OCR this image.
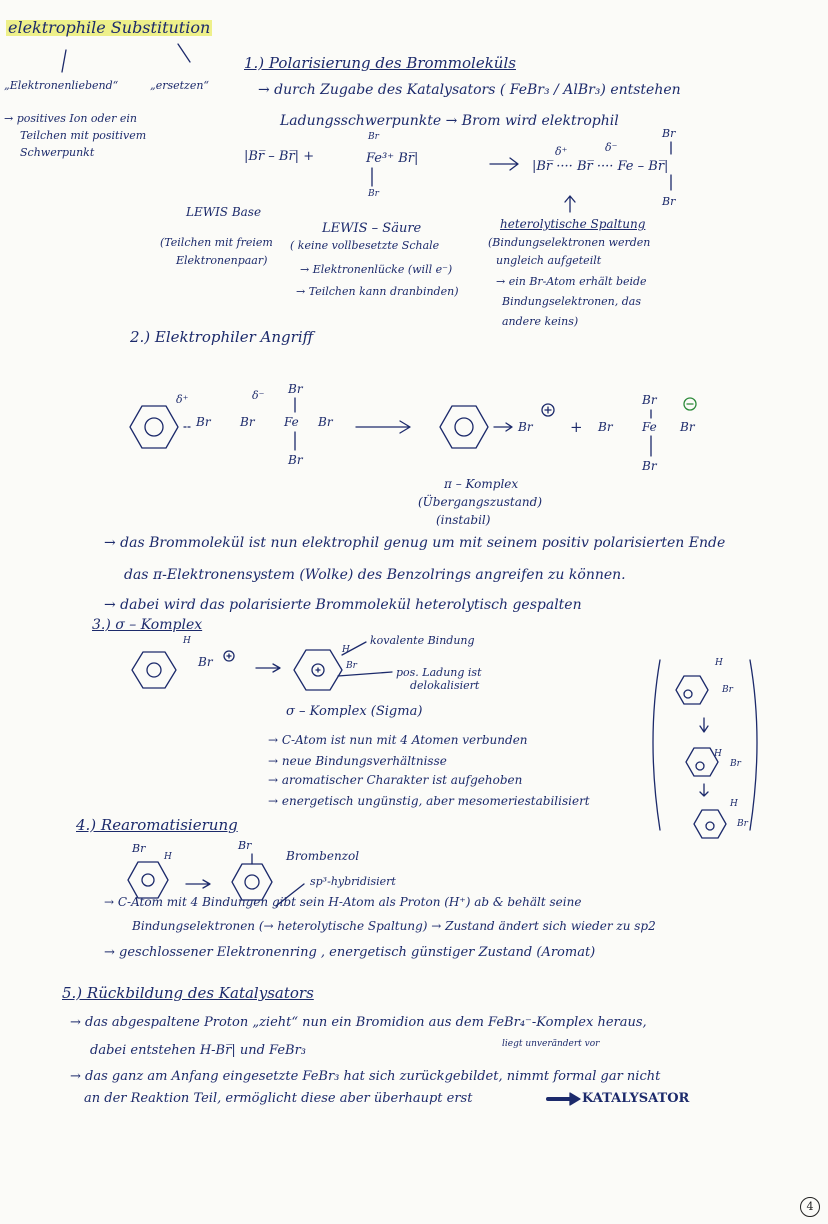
elektrophile Substitution
„Elektronenliebend“	„ersetzen“
→ positives Ion oder ein
Teilchen mit positivem
Schwerpunkt
1.) Polarisierung des Brommoleküls
→ durch Zugabe des Katalysators ( FeBr₃ / AlBr₃) entstehen
Ladungsschwerpunkte → Brom wird elektrophil
|Br̅ – Br̅| +
Br
Fe³⁺ Br̅|
Br
|Br̅ ···· Br̅ ···· Fe – Br̅|
δ⁺	δ⁻
Br
Br
LEWIS Base
(Teilchen mit freiem
Elektronenpaar)
LEWIS – Säure
( keine vollbesetzte Schale
→ Elektronenlücke (will e⁻)
→ Teilchen kann dranbinden)
heterolytische Spaltung
(Bindungselektronen werden
ungleich aufgeteilt
→ ein Br-Atom erhält beide
Bindungselektronen, das
andere keins)
2.) Elektrophiler Angriff
δ⁺	δ⁻
Br Br Fe Br
Br
Br
Br + Br Fe Br
Br
Br
π – Komplex
(Übergangszustand)
(instabil)
→ das Brommolekül ist nun elektrophil genug um mit seinem positiv polarisierten Ende
das π-Elektronensystem (Wolke) des Benzolrings angreifen zu können.
→ dabei wird das polarisierte Brommolekül heterolytisch gespalten
3.) σ – Komplex
H
Br
kovalente Bindung
H
Br	pos. Ladung ist
delokalisiert
σ – Komplex (Sigma)
→ C-Atom ist nun mit 4 Atomen verbunden
→ neue Bindungsverhältnisse
→ aromatischer Charakter ist aufgehoben
→ energetisch ungünstig, aber mesomeriestabilisiert
H
Br
H
Br
H
Br
4.) Rearomatisierung
Br
H
Br
Brombenzol
sp³-hybridisiert
→ C-Atom mit 4 Bindungen gibt sein H-Atom als Proton (H⁺) ab & behält seine
Bindungselektronen (→ heterolytische Spaltung) → Zustand ändert sich wieder zu sp2
→ geschlossener Elektronenring , energetisch günstiger Zustand (Aromat)
5.) Rückbildung des Katalysators
→ das abgespaltene Proton „zieht“ nun ein Bromidion aus dem FeBr₄⁻-Komplex heraus,
dabei entstehen H-Br̅| und FeBr₃	liegt unverändert vor
→ das ganz am Anfang eingesetzte FeBr₃ hat sich zurückgebildet, nimmt formal gar nicht
an der Reaktion Teil, ermöglicht diese aber überhaupt erst	KATALYSATOR
4
